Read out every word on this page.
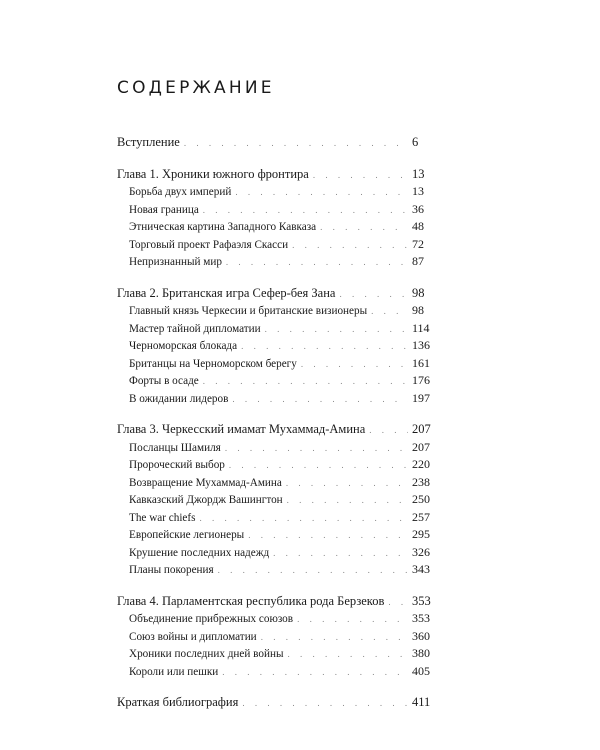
СОДЕРЖАНИЕ
Вступление . . .	6
Глава 1. Хроники южного фронтира . . .	13
Борьба двух империй . . .	13
Новая граница . . .	36
Этническая картина Западного Кавказа . . .	48
Торговый проект Рафаэля Скасси . . .	72
Непризнанный мир . . .	87
Глава 2. Британская игра Сефер-бея Зана . . .	98
Главный князь Черкесии и британские визионеры . . .	98
Мастер тайной дипломатии . . .	114
Черноморская блокада . . .	136
Британцы на Черноморском берегу . . .	161
Форты в осаде . . .	176
В ожидании лидеров . . .	197
Глава 3. Черкесский имамат Мухаммад-Амина . . .	207
Посланцы Шамиля . . .	207
Пророческий выбор . . .	220
Возвращение Мухаммад-Амина . . .	238
Кавказский Джордж Вашингтон . . .	250
The war chiefs . . .	257
Европейские легионеры . . .	295
Крушение последних надежд . . .	326
Планы покорения . . .	343
Глава 4. Парламентская республика рода Берзеков . . . 353
Объединение прибрежных союзов . . .	353
Союз войны и дипломатии . . .	360
Хроники последних дней войны . . .	380
Короли или пешки . . .	405
Краткая библиография . . .	411
